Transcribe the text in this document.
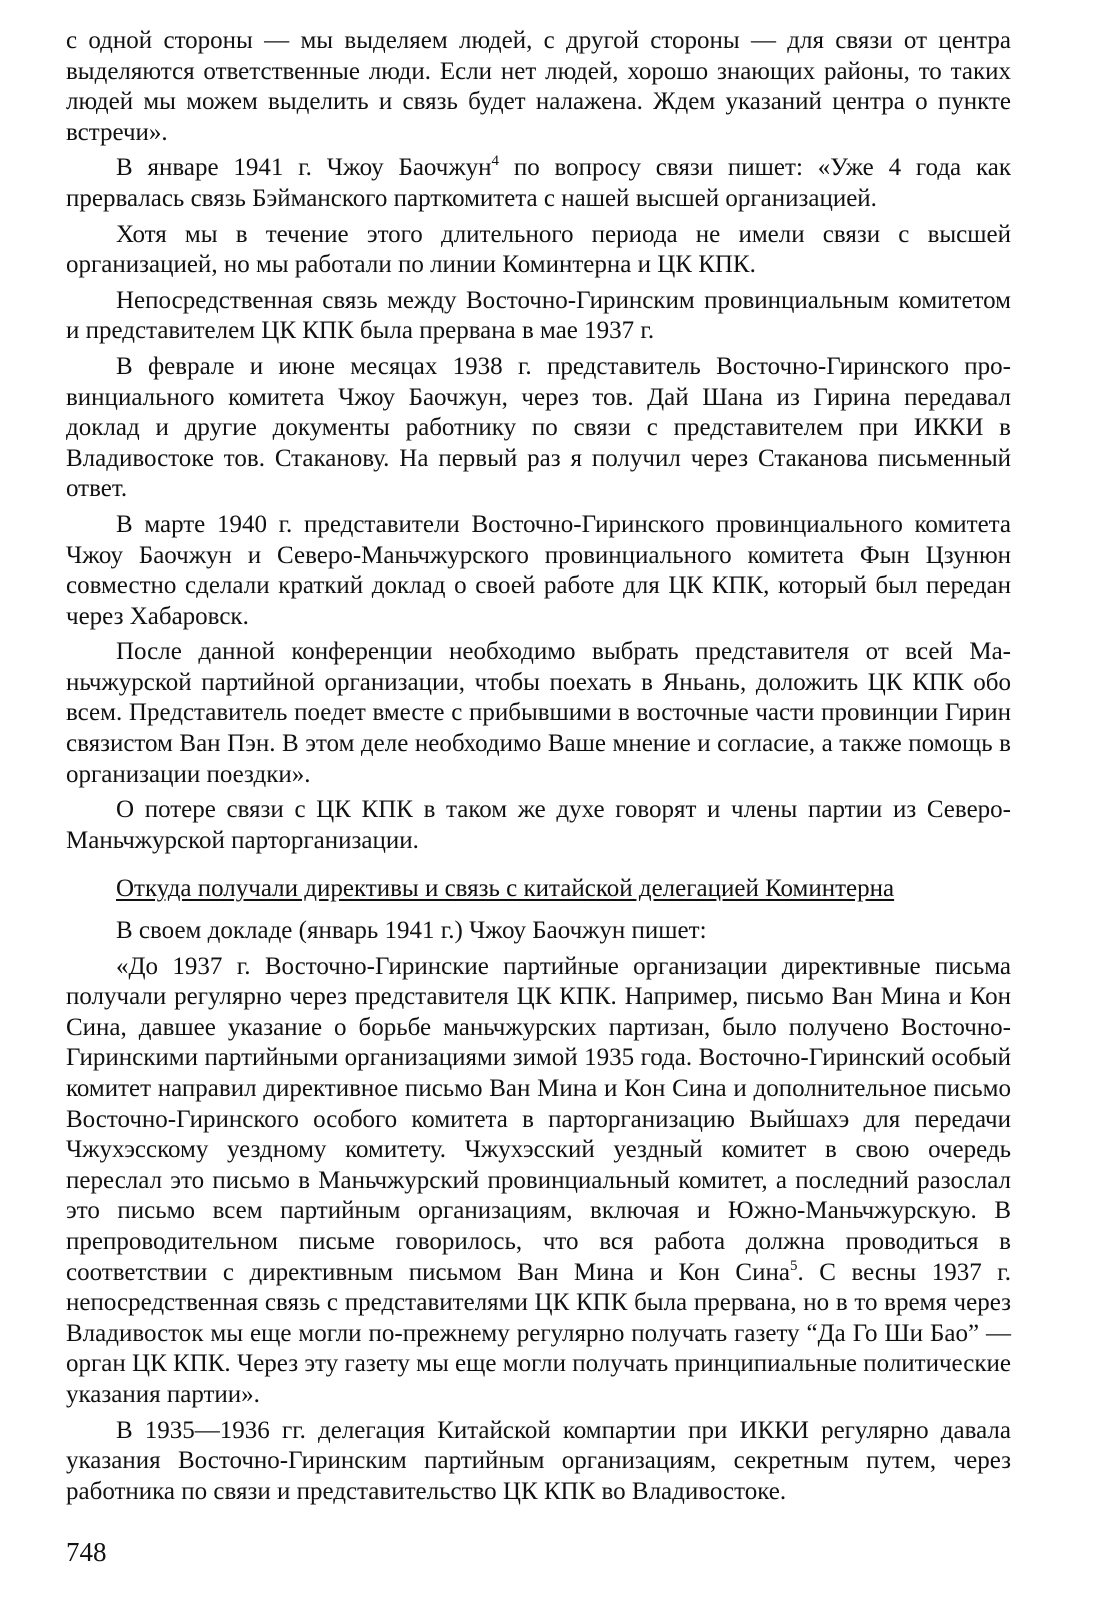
с одной стороны — мы выделяем людей, с другой стороны — для связи от центра выделяются ответственные люди. Если нет людей, хорошо знающих районы, то таких людей мы можем выделить и связь будет налажена. Ждем указаний центра о пункте встречи».

В январе 1941 г. Чжоу Баочжун$^4$ по вопросу связи пишет: «Уже 4 года как прервалась связь Бэйманского парткомитета с нашей высшей организацией.

Хотя мы в течение этого длительного периода не имели связи с высшей организацией, но мы работали по линии Коминтерна и ЦК КПК.

Непосредственная связь между Восточно-Гиринским провинциальным комитетом и представителем ЦК КПК была прервана в мае 1937 г.

В феврале и июне месяцах 1938 г. представитель Восточно-Гиринского провинциального комитета Чжоу Баочжун, через тов. Дай Шана из Гирина передавал доклад и другие документы работнику по связи с представителем при ИККИ в Владивостоке тов. Стаканову. На первый раз я получил через Стаканова письменный ответ.

В марте 1940 г. представители Восточно-Гиринского провинциального комитета Чжоу Баочжун и Северо-Маньчжурского провинциального комитета Фын Цзунюн совместно сделали краткий доклад о своей работе для ЦК КПК, который был передан через Хабаровск.

После данной конференции необходимо выбрать представителя от всей Маньчжурской партийной организации, чтобы поехать в Яньань, доложить ЦК КПК обо всем. Представитель поедет вместе с прибывшими в восточные части провинции Гирин связистом Ван Пэн. В этом деле необходимо Ваше мнение и согласие, а также помощь в организации поездки».

О потере связи с ЦК КПК в таком же духе говорят и члены партии из Северо-Маньчжурской парторганизации.

Откуда получали директивы и связь с китайской делегацией Коминтерна

В своем докладе (январь 1941 г.) Чжоу Баочжун пишет:

«До 1937 г. Восточно-Гиринские партийные организации директивные письма получали регулярно через представителя ЦК КПК. Например, письмо Ван Мина и Кон Сина, давшее указание о борьбе маньчжурских партизан, было получено Восточно-Гиринскими партийными организациями зимой 1935 года. Восточно-Гиринский особый комитет направил директивное письмо Ван Мина и Кон Сина и дополнительное письмо Восточно-Гиринского особого комитета в парторганизацию Выйшахэ для передачи Чжухэсскому уездному комитету. Чжухэсский уездный комитет в свою очередь переслал это письмо в Маньчжурский провинциальный комитет, а последний разослал это письмо всем партийным организациям, включая и Южно-Маньчжурскую. В препроводительном письме говорилось, что вся работа должна проводиться в соответствии с директивным письмом Ван Мина и Кон Сина$^5$. С весны 1937 г. непосредственная связь с представителями ЦК КПК была прервана, но в то время через Владивосток мы еще могли по-прежнему регулярно получать газету “Да Го Ши Бао” — орган ЦК КПК. Через эту газету мы еще могли получать принципиальные политические указания партии».

В 1935—1936 гг. делегация Китайской компартии при ИККИ регулярно давала указания Восточно-Гиринским партийным организациям, секретным путем, через работника по связи и представительство ЦК КПК во Владивостоке.

748
